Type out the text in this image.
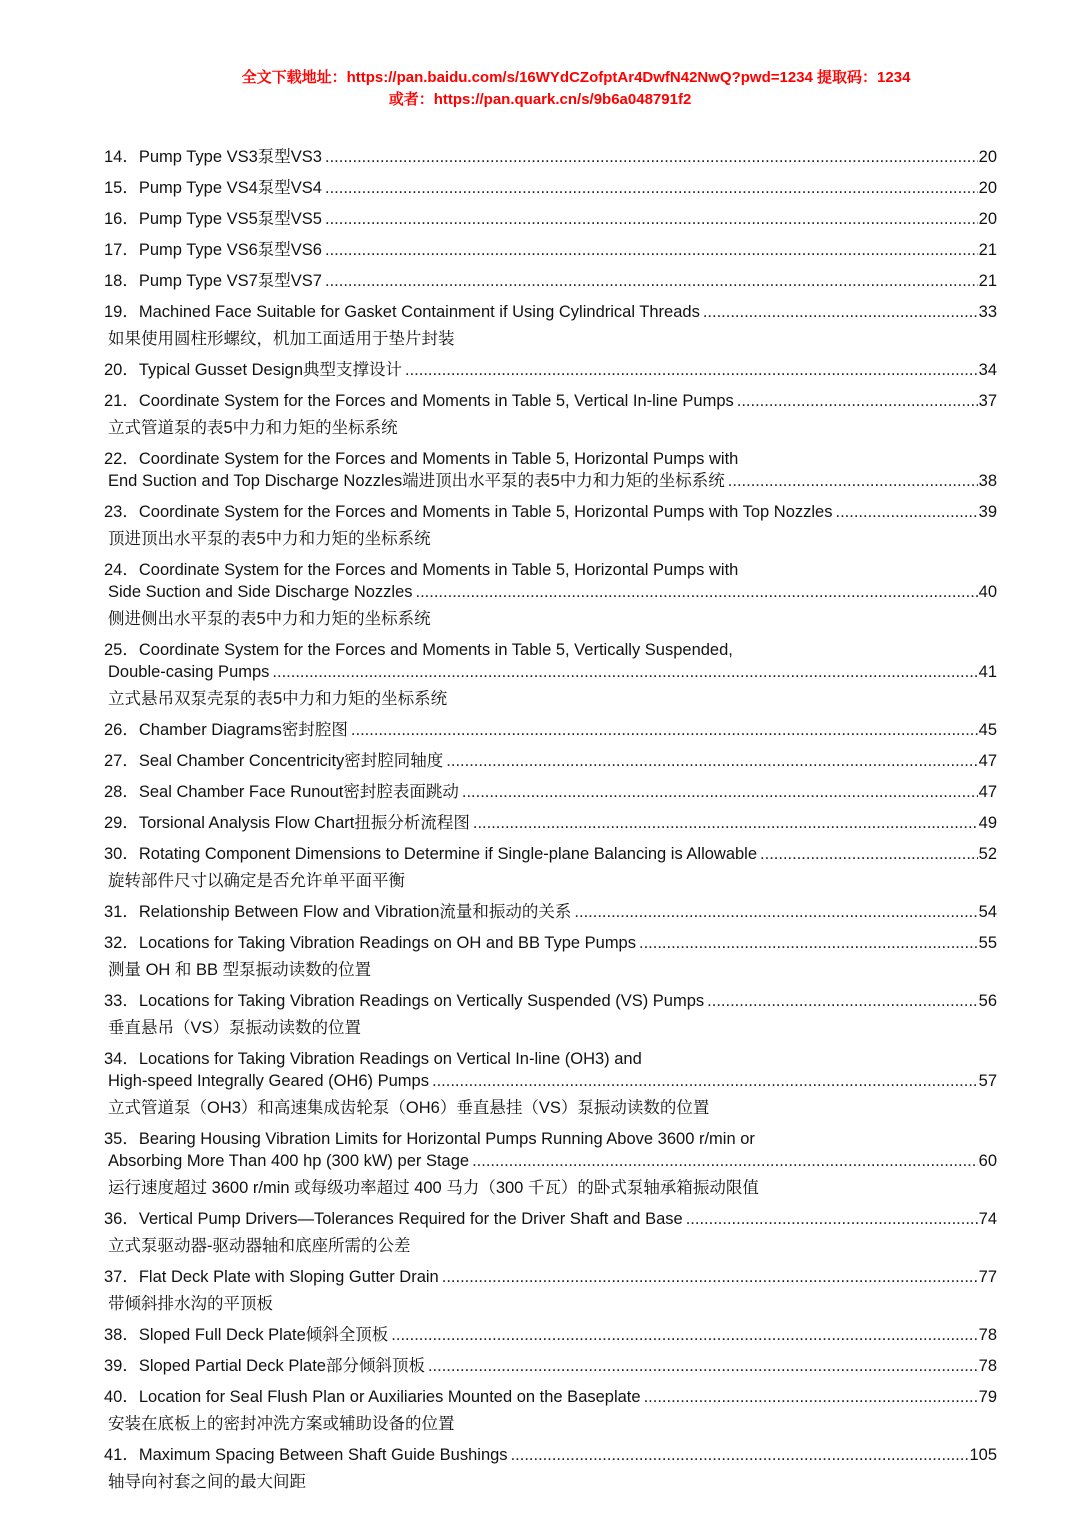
全文下载地址：https://pan.baidu.com/s/16WYdCZofptAr4DwfN42NwQ?pwd=1234 提取码：1234
或者：https://pan.quark.cn/s/9b6a048791f2
14．Pump Type VS3泵型VS3 .....	20
15．Pump Type VS4泵型VS4 .....	20
16．Pump Type VS5泵型VS5 .....	20
17．Pump Type VS6泵型VS6 .....	21
18．Pump Type VS7泵型VS7 .....	21
19．Machined Face Suitable for Gasket Containment if Using Cylindrical Threads .....	33
如果使用圆柱形螺纹，机加工面适用于垫片封装
20．Typical Gusset Design典型支撑设计 .....	34
21．Coordinate System for the Forces and Moments in Table 5, Vertical In-line Pumps .....	37
立式管道泵的表5中力和力矩的坐标系统
22．Coordinate System for the Forces and Moments in Table 5, Horizontal Pumps with
End Suction and Top Discharge Nozzles端进顶出水平泵的表5中力和力矩的坐标系统 .....	38
23．Coordinate System for the Forces and Moments in Table 5, Horizontal Pumps with Top Nozzles .....	39
顶进顶出水平泵的表5中力和力矩的坐标系统
24．Coordinate System for the Forces and Moments in Table 5, Horizontal Pumps with
Side Suction and Side Discharge Nozzles .....	40
侧进侧出水平泵的表5中力和力矩的坐标系统
25．Coordinate System for the Forces and Moments in Table 5, Vertically Suspended,
Double-casing Pumps .....	41
立式悬吊双泵壳泵的表5中力和力矩的坐标系统
26．Chamber Diagrams密封腔图 .....	45
27．Seal Chamber Concentricity密封腔同轴度 .....	47
28．Seal Chamber Face Runout密封腔表面跳动 .....	47
29．Torsional Analysis Flow Chart扭振分析流程图 .....	49
30．Rotating Component Dimensions to Determine if Single-plane Balancing is Allowable .....	52
旋转部件尺寸以确定是否允许单平面平衡
31．Relationship Between Flow and Vibration流量和振动的关系 .....	54
32．Locations for Taking Vibration Readings on OH and BB Type Pumps .....	55
测量 OH 和 BB 型泵振动读数的位置
33．Locations for Taking Vibration Readings on Vertically Suspended (VS) Pumps .....	56
垂直悬吊（VS）泵振动读数的位置
34．Locations for Taking Vibration Readings on Vertical In-line (OH3) and
High-speed Integrally Geared (OH6) Pumps .....	57
立式管道泵（OH3）和高速集成齿轮泵（OH6）垂直悬挂（VS）泵振动读数的位置
35．Bearing Housing Vibration Limits for Horizontal Pumps Running Above 3600 r/min or
Absorbing More Than 400 hp (300 kW) per Stage .....	60
运行速度超过 3600 r/min 或每级功率超过 400 马力（300 千瓦）的卧式泵轴承箱振动限值
36．Vertical Pump Drivers—Tolerances Required for the Driver Shaft and Base .....	74
立式泵驱动器-驱动器轴和底座所需的公差
37．Flat Deck Plate with Sloping Gutter Drain .....	77
带倾斜排水沟的平顶板
38．Sloped Full Deck Plate倾斜全顶板 .....	78
39．Sloped Partial Deck Plate部分倾斜顶板 .....	78
40．Location for Seal Flush Plan or Auxiliaries Mounted on the Baseplate .....	79
安装在底板上的密封冲洗方案或辅助设备的位置
41．Maximum Spacing Between Shaft Guide Bushings .....	105
轴导向衬套之间的最大间距
